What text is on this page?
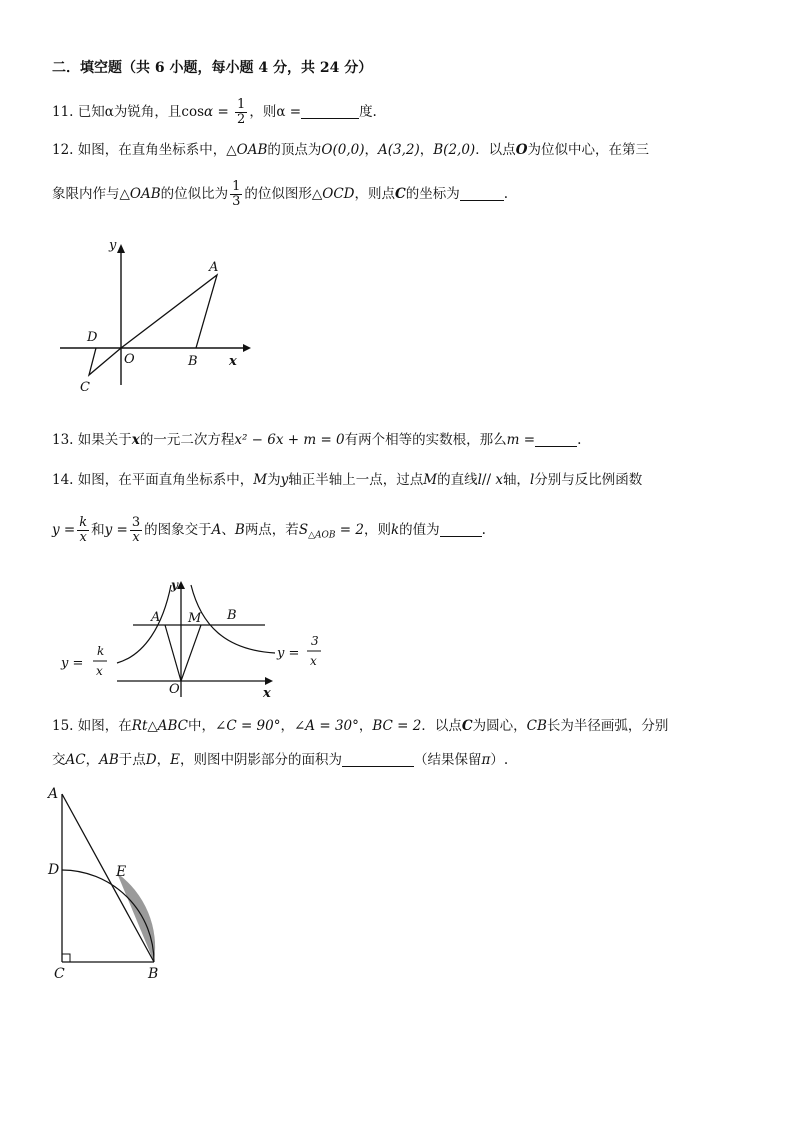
二．填空题（共 6 小题，每小题 4 分，共 24 分）
11. 已知α为锐角，且$\cos\alpha = \frac{1}{2}$ ，则α =	度.
12. 如图，在直角坐标系中，△OAB的顶点为O(0,0)，A(3,2)，B(2,0)．以点O为位似中心，在第三
象限内作与△OAB的位似比为 $\frac{1}{3}$ 的位似图形△OCD，则点C的坐标为	.
y
A
D
O	B x
C
13. 如果关于x的一元二次方程x² − 6x + m = 0有两个相等的实数根，那么m =	.
14. 如图，在平面直角坐标系中，M为y轴正半轴上一点，过点M的直线l// x轴，l分别与反比例函数
$y = \frac{k}{x}$ 和$y = \frac{3}{x}$ 的图象交于A、B两点，若$S_{\triangle AOB} = 2$，则k的值为	.
y
A M B
O	x
y =
k
x
y =
3
x
15. 如图，在Rt△ABC中，∠C = 90°，∠A = 30°，BC = 2．以点C为圆心，CB长为半径画弧，分别
交AC，AB于点D，E，则图中阴影部分的面积为	（结果保留π）.
A
D	E
C	B
